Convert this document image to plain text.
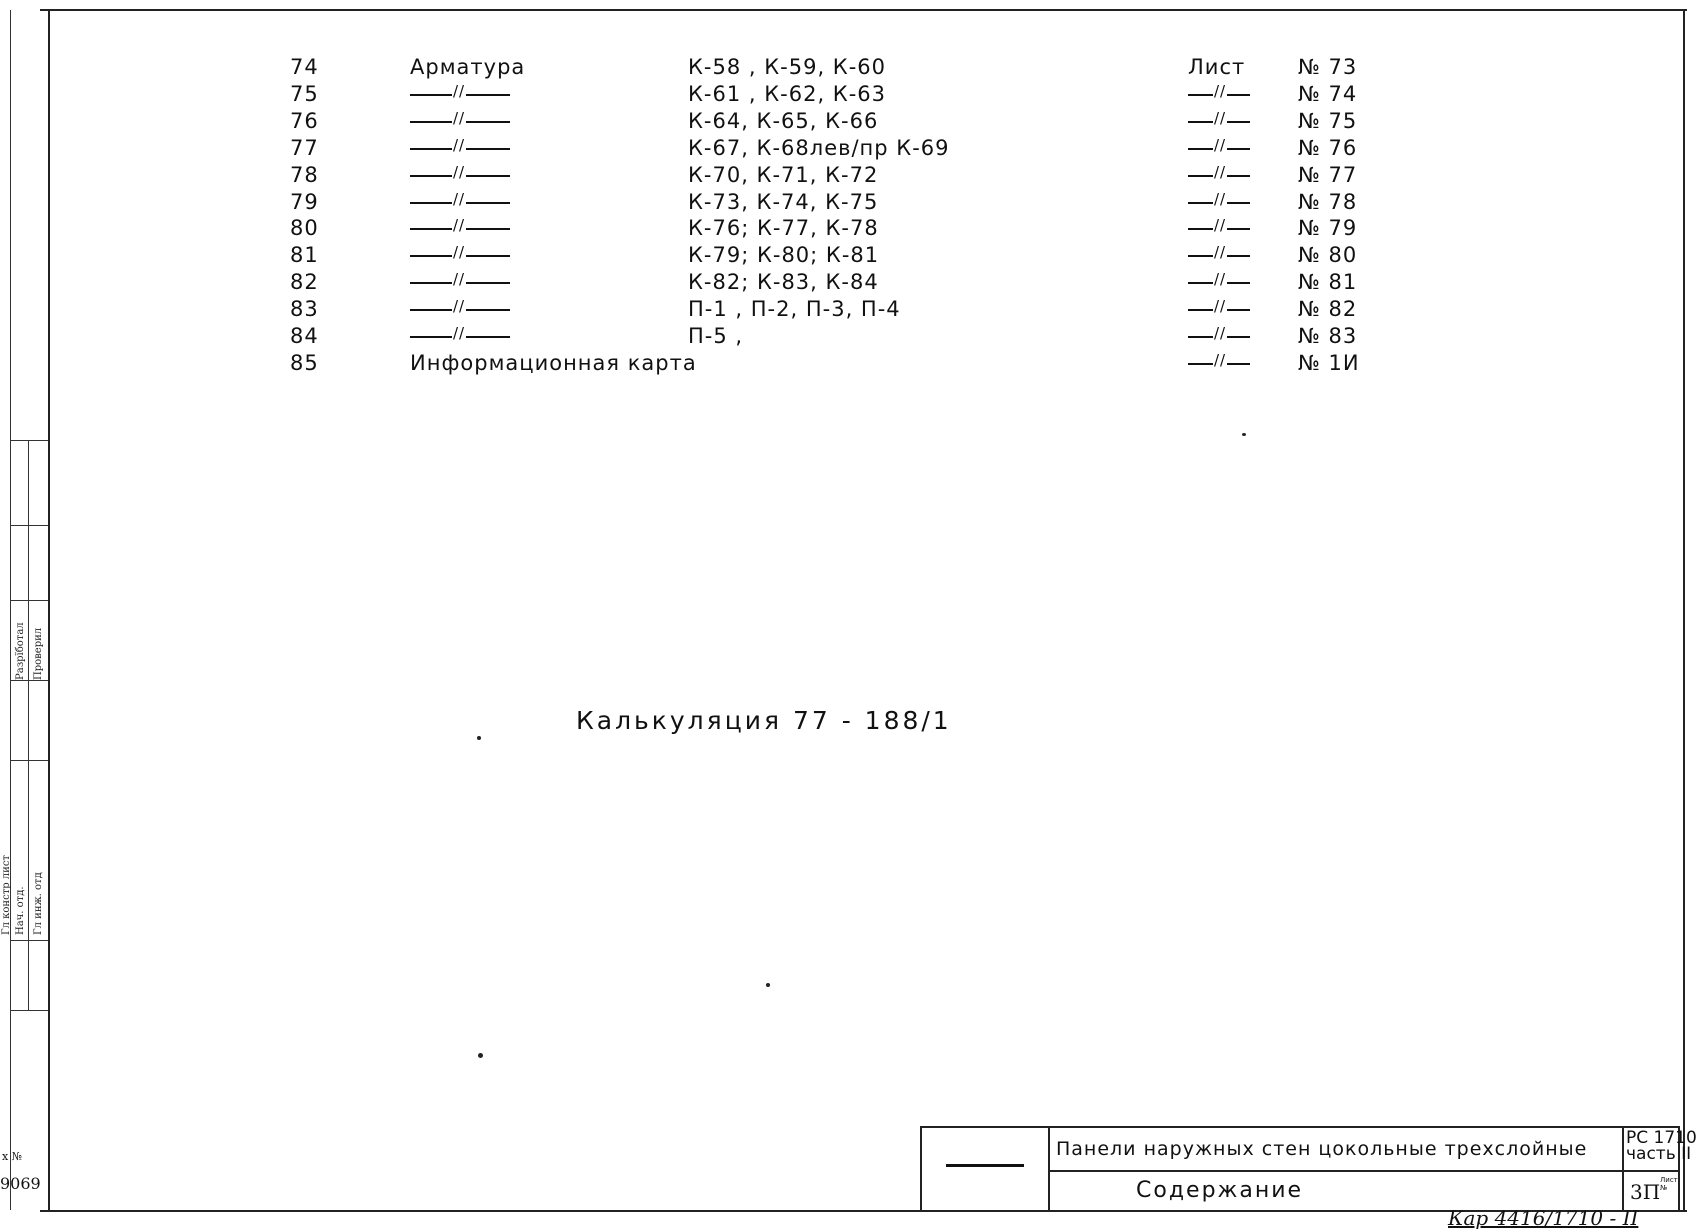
Разрїботал Проверил
Гл констр лист Нач. отд. Гл инж. отд
х №
9069
74	Арматура	К-58 , К-59, К-60	Лист	№ 73
75 //	К-61 , К-62, К-63 //	№ 74
76 //	К-64, К-65, К-66 //	№ 75
77 //	К-67, К-68лев/пр К-69 //	№ 76
78 //	К-70, К-71, К-72 //	№ 77
79 //	К-73, К-74, К-75 //	№ 78
80 //	К-76; К-77, К-78 //	№ 79
81 //	К-79; К-80; К-81 //	№ 80
82 //	К-82; К-83, К-84 //	№ 81
83 //	П-1 , П-2, П-3, П-4 //	№ 82
84 //	П-5 , //	№ 83
85	Информационная карта //	№ 1И
Калькуляция 77 - 188/1
Панели наружных стен цокольные трехслойные
Содержание
РС 1710
часть II
3П Лист №
Кар 4416/1710 - II
